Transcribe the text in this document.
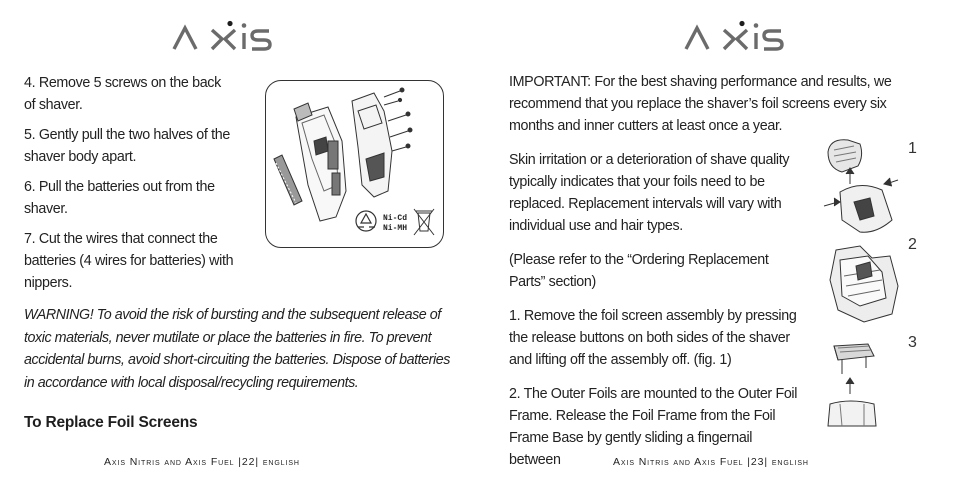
AXIS

4. Remove 5 screws on the back of shaver.

5. Gently pull the two halves of the shaver body apart.

6. Pull the batteries out from the shaver.

7. Cut the wires that connect the batteries (4 wires for batteries) with nippers.

Ni-Cd
Ni-MH

WARNING! To avoid the risk of bursting and the subsequent release of toxic materials, never mutilate or place the batteries in fire. To prevent accidental burns, avoid short-circuiting the batteries. Dispose of batteries in accordance with local disposal/recycling requirements.

To Replace Foil Screens
Axis Nitris and Axis Fuel |22| english

IMPORTANT: For the best shaving performance and results, we recommend that you replace the shaver’s foil screens every six months and inner cutters at least once a year.

Skin irritation or a deterioration of shave quality typically indicates that your foils need to be replaced. Replacement intervals will vary with individual use and hair types.

(Please refer to the “Ordering Replacement Parts” section)

1. Remove the foil screen assembly by pressing the release buttons on both sides of the shaver and lifting off the assembly off. (fig. 1)

2. The Outer Foils are mounted to the Outer Foil Frame. Release the Foil Frame from the Foil Frame Base by gently sliding a fingernail between

1
2
3
Axis Nitris and Axis Fuel |23| english
